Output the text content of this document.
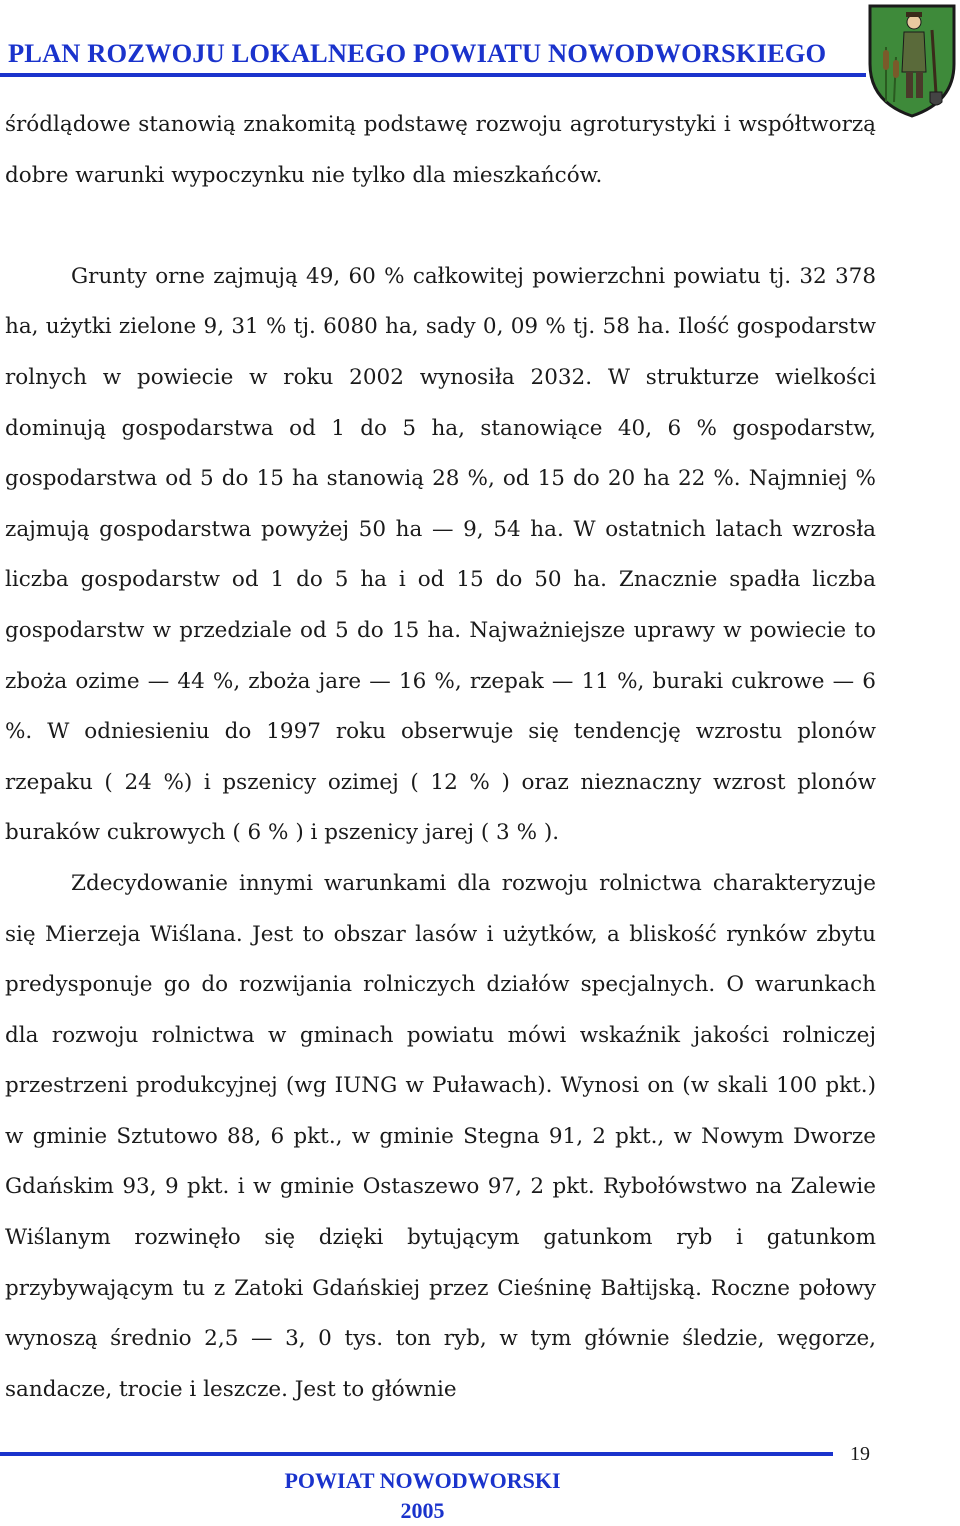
PLAN ROZWOJU LOKALNEGO POWIATU NOWODWORSKIEGO

śródlądowe stanowią znakomitą podstawę rozwoju agroturystyki i współtworzą dobre warunki wypoczynku nie tylko dla mieszkańców.

Grunty orne zajmują 49, 60 % całkowitej powierzchni powiatu tj. 32 378 ha, użytki zielone 9, 31 % tj. 6080 ha, sady 0, 09 % tj. 58 ha. Ilość gospodarstw rolnych w powiecie w roku 2002 wynosiła 2032. W strukturze wielkości dominują gospodarstwa od 1 do 5 ha, stanowiące 40, 6 % gospodarstw, gospodarstwa od 5 do 15 ha stanowią 28 %, od 15 do 20 ha 22 %. Najmniej % zajmują gospodarstwa powyżej 50 ha — 9, 54 ha. W ostatnich latach wzrosła liczba gospodarstw od 1 do 5 ha i od 15 do 50 ha. Znacznie spadła liczba gospodarstw w przedziale od 5 do 15 ha. Najważniejsze uprawy w powiecie to zboża ozime — 44 %, zboża jare — 16 %, rzepak — 11 %, buraki cukrowe — 6 %. W odniesieniu do 1997 roku obserwuje się tendencję wzrostu plonów rzepaku ( 24 %) i pszenicy ozimej ( 12 % ) oraz nieznaczny wzrost plonów buraków cukrowych ( 6 % ) i pszenicy jarej ( 3 % ).

Zdecydowanie innymi warunkami dla rozwoju rolnictwa charakteryzuje się Mierzeja Wiślana. Jest to obszar lasów i użytków, a bliskość rynków zbytu predysponuje go do rozwijania rolniczych działów specjalnych. O warunkach dla rozwoju rolnictwa w gminach powiatu mówi wskaźnik jakości rolniczej przestrzeni produkcyjnej (wg IUNG w Puławach). Wynosi on (w skali 100 pkt.) w gminie Sztutowo 88, 6 pkt., w gminie Stegna 91, 2 pkt., w Nowym Dworze Gdańskim 93, 9 pkt. i w gminie Ostaszewo 97, 2 pkt. Rybołówstwo na Zalewie Wiślanym rozwinęło się dzięki bytującym gatunkom ryb i gatunkom przybywającym tu z Zatoki Gdańskiej przez Cieśninę Bałtijską. Roczne połowy wynoszą średnio 2,5 — 3, 0 tys. ton ryb, w tym głównie śledzie, węgorze, sandacze, trocie i leszcze. Jest to głównie

19
POWIAT NOWODWORSKI
2005
